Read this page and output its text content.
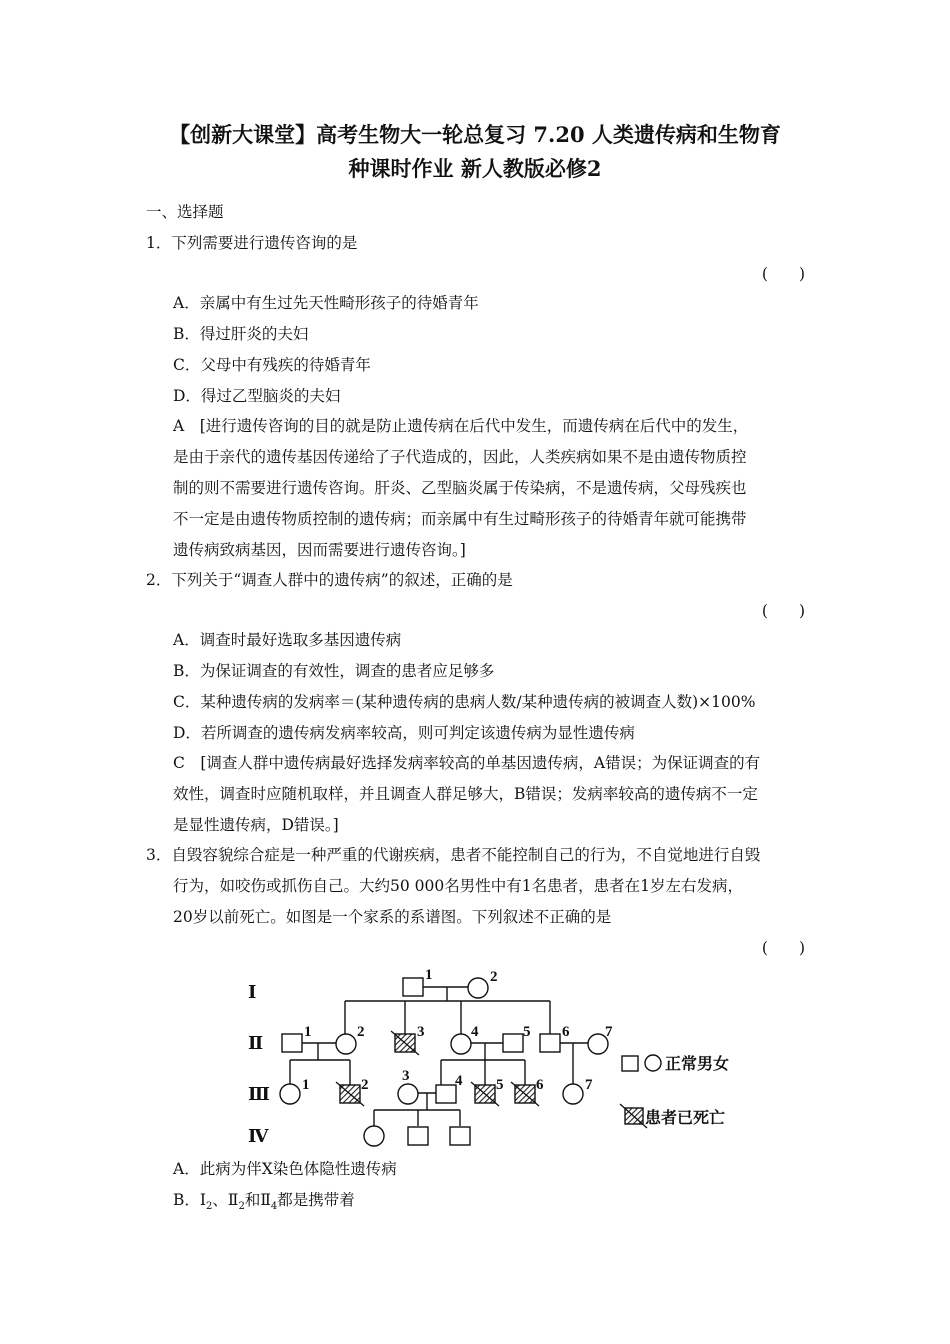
【创新大课堂】高考生物大一轮总复习 7.20 人类遗传病和生物育
种课时作业 新人教版必修2
一、选择题
1．下列需要进行遗传咨询的是
(　　)
A．亲属中有生过先天性畸形孩子的待婚青年
B．得过肝炎的夫妇
C．父母中有残疾的待婚青年
D．得过乙型脑炎的夫妇
A　[进行遗传咨询的目的就是防止遗传病在后代中发生，而遗传病在后代中的发生，
是由于亲代的遗传基因传递给了子代造成的，因此，人类疾病如果不是由遗传物质控
制的则不需要进行遗传咨询。肝炎、乙型脑炎属于传染病，不是遗传病，父母残疾也
不一定是由遗传物质控制的遗传病；而亲属中有生过畸形孩子的待婚青年就可能携带
遗传病致病基因，因而需要进行遗传咨询。]
2．下列关于“调查人群中的遗传病”的叙述，正确的是
(　　)
A．调查时最好选取多基因遗传病
B．为保证调查的有效性，调查的患者应足够多
C．某种遗传病的发病率＝(某种遗传病的患病人数/某种遗传病的被调查人数)×100%
D．若所调查的遗传病发病率较高，则可判定该遗传病为显性遗传病
C　[调查人群中遗传病最好选择发病率较高的单基因遗传病，A错误；为保证调查的有
效性，调查时应随机取样，并且调查人群足够大，B错误；发病率较高的遗传病不一定
是显性遗传病，D错误。]
3．自毁容貌综合症是一种严重的代谢疾病，患者不能控制自己的行为，不自觉地进行自毁
行为，如咬伤或抓伤自己。大约50 000名男性中有1名患者，患者在1岁左右发病，
20岁以前死亡。如图是一个家系的系谱图。下列叙述不正确的是
(　　)
Ⅰ
Ⅱ
Ⅲ
Ⅳ
1	2
1	2	3	4	5 6 7
1	2
3	4 5 6	7
正常男女
患者已死亡
A．此病为伴X染色体隐性遗传病
B．$Ⅰ_2$、$Ⅱ_2$和$Ⅱ_4$都是携带着
